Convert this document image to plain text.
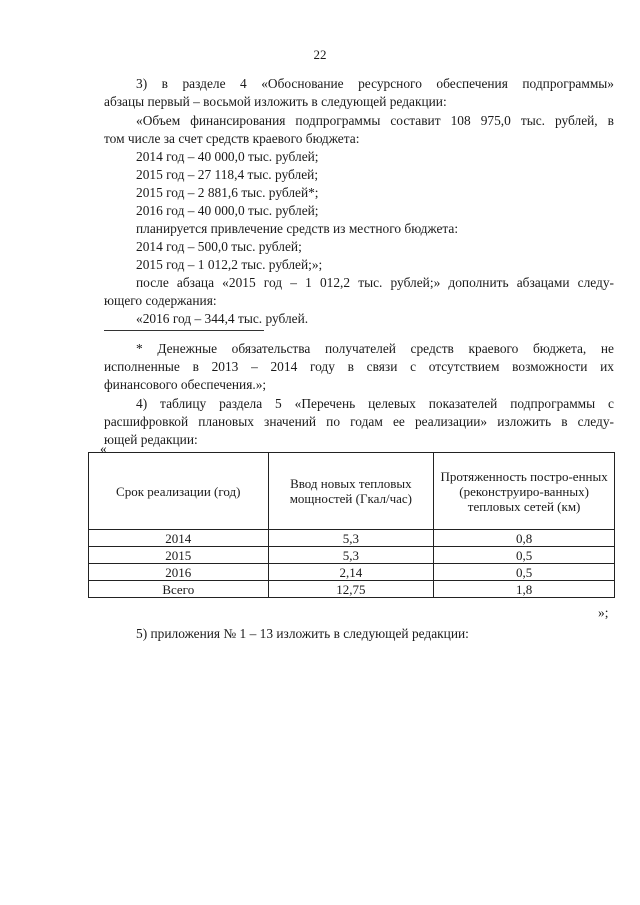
22
3) в разделе 4 «Обоснование ресурсного обеспечения подпрограммы»
абзацы первый – восьмой изложить в следующей редакции:
«Объем финансирования подпрограммы составит 108 975,0 тыс. рублей, в
том числе за счет средств краевого бюджета:
2014 год – 40 000,0 тыс. рублей;
2015 год – 27 118,4 тыс. рублей;
2015 год – 2 881,6 тыс. рублей*;
2016 год – 40 000,0 тыс. рублей;
планируется привлечение средств из местного бюджета:
2014 год – 500,0 тыс. рублей;
2015 год – 1 012,2 тыс. рублей;»;
после абзаца «2015 год – 1 012,2 тыс. рублей;» дополнить абзацами следу-
ющего содержания:
«2016 год – 344,4 тыс. рублей.
* Денежные обязательства получателей средств краевого бюджета, не
исполненные в 2013 – 2014 году в связи с отсутствием возможности их
финансового обеспечения.»;
4) таблицу раздела 5 «Перечень целевых показателей подпрограммы с
расшифровкой плановых значений по годам ее реализации» изложить в следу-
ющей редакции:
«
Срок реализации (год)	Ввод новых тепловых мощностей (Гкал/час)	Протяженность постро-енных (реконструиро-ванных) тепловых сетей (км)
2014	5,3	0,8
2015	5,3	0,5
2016	2,14	0,5
Всего	12,75	1,8
»;
5) приложения № 1 – 13 изложить в следующей редакции:
